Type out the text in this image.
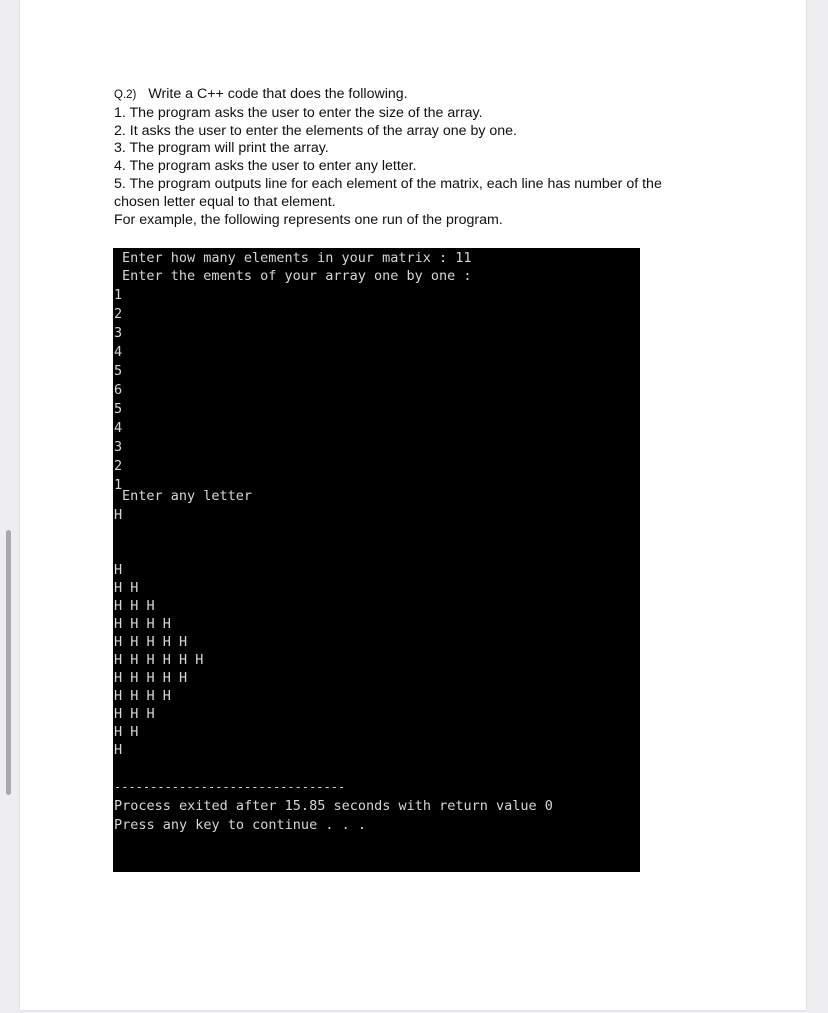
Q.2) Write a C++ code that does the following.
1. The program asks the user to enter the size of the array.
2. It asks the user to enter the elements of the array one by one.
3. The program will print the array.
4. The program asks the user to enter any letter.
5. The program outputs line for each element of the matrix, each line has number of the
chosen letter equal to that element.
For example, the following represents one run of the program.
Enter how many elements in your matrix : 11
Enter the ements of your array one by one :
1
2
3
4
5
6
5
4
3
2
1
Enter any letter
H
H
H H
H H H
H H H H
H H H H H
H H H H H H
H H H H H
H H H H
H H H
H H
H
--------------------------------
Process exited after 15.85 seconds with return value 0
Press any key to continue . . .
